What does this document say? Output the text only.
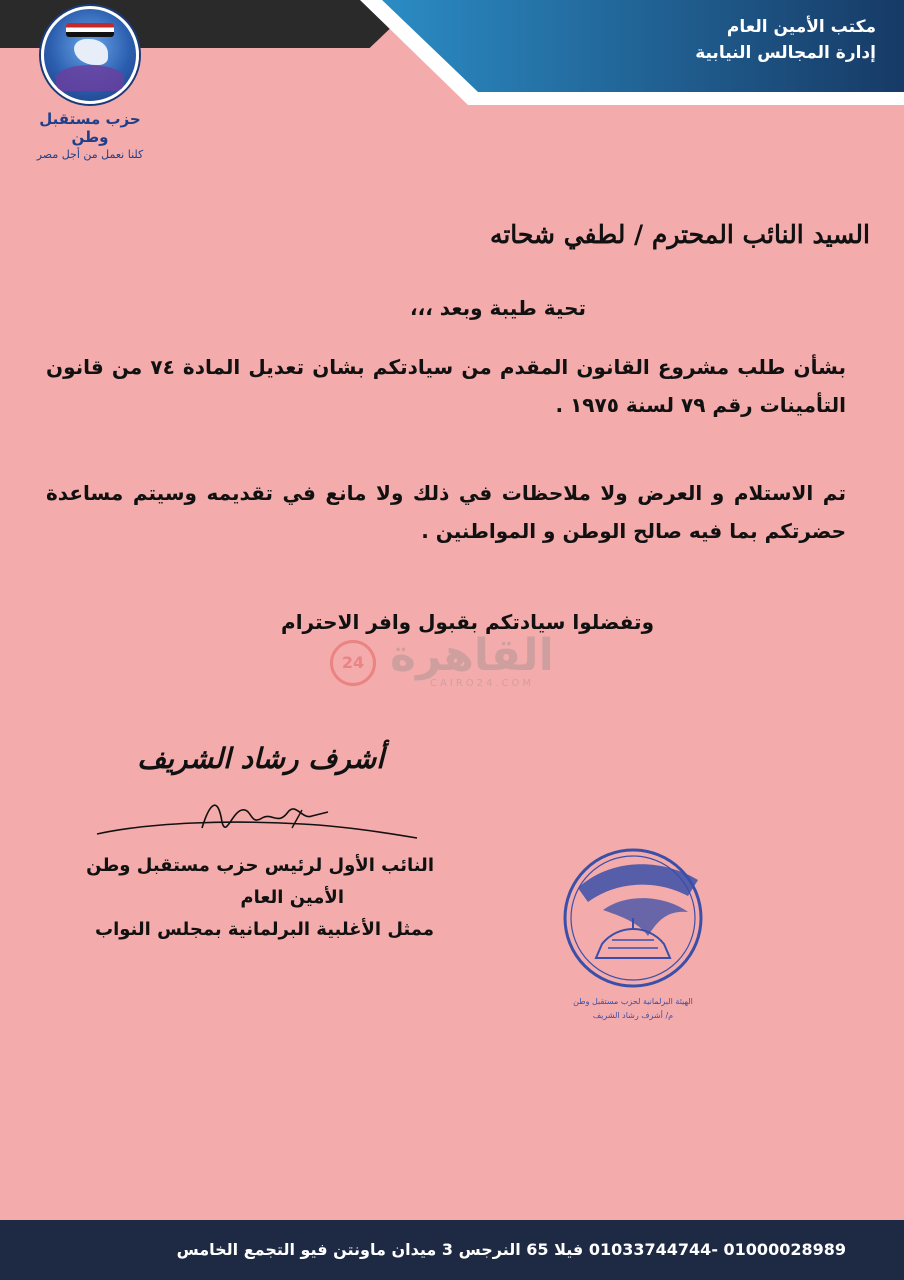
مكتب الأمين العام
إدارة المجالس النيابية
حزب مستقبل وطن
كلنا نعمل من أجل مصر
السيد النائب المحترم / لطفي شحاته
تحية طيبة وبعد ،،،
بشأن طلب مشروع القانون المقدم من سيادتكم بشان تعديل المادة ٧٤ من قانون التأمينات رقم ٧٩ لسنة ١٩٧٥ .
تم الاستلام و العرض ولا ملاحظات في ذلك ولا مانع في تقديمه وسيتم مساعدة حضرتكم بما فيه صالح الوطن و المواطنين .
وتفضلوا سيادتكم بقبول وافر الاحترام
24 القاهرة
CAIRO24.COM
أشرف رشاد الشريف
النائب الأول لرئيس حزب مستقبل وطن
الأمين العام
ممثل الأغلبية البرلمانية بمجلس النواب
الهيئة البرلمانية لحزب مستقبل وطن
م/ أشرف رشاد الشريف
01000028989 -01033744744 فيلا 65 النرجس 3 ميدان ماونتن فيو التجمع الخامس
